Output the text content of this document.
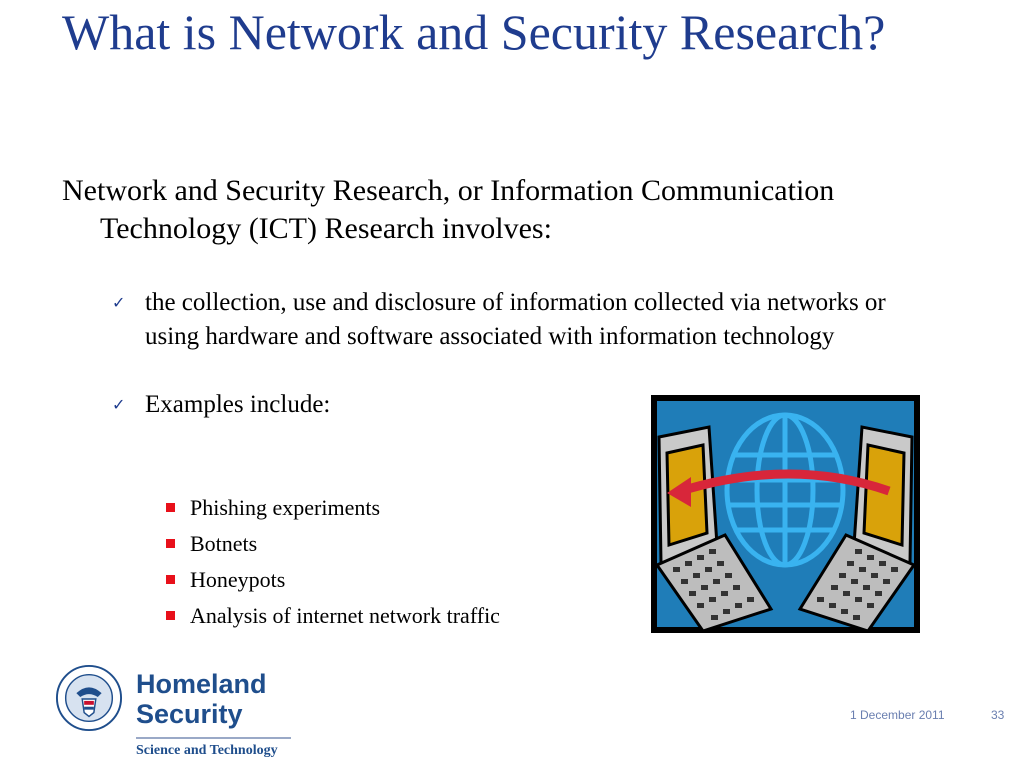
What is Network and Security Research?
Network and Security Research, or Information Communication Technology (ICT) Research involves:
✓ the collection, use and disclosure of information collected via networks or using hardware and software associated with information technology
✓ Examples include:
Phishing experiments
Botnets
Honeypots
Analysis of internet network traffic
Homeland
Security
Science and Technology
1 December 2011	33
